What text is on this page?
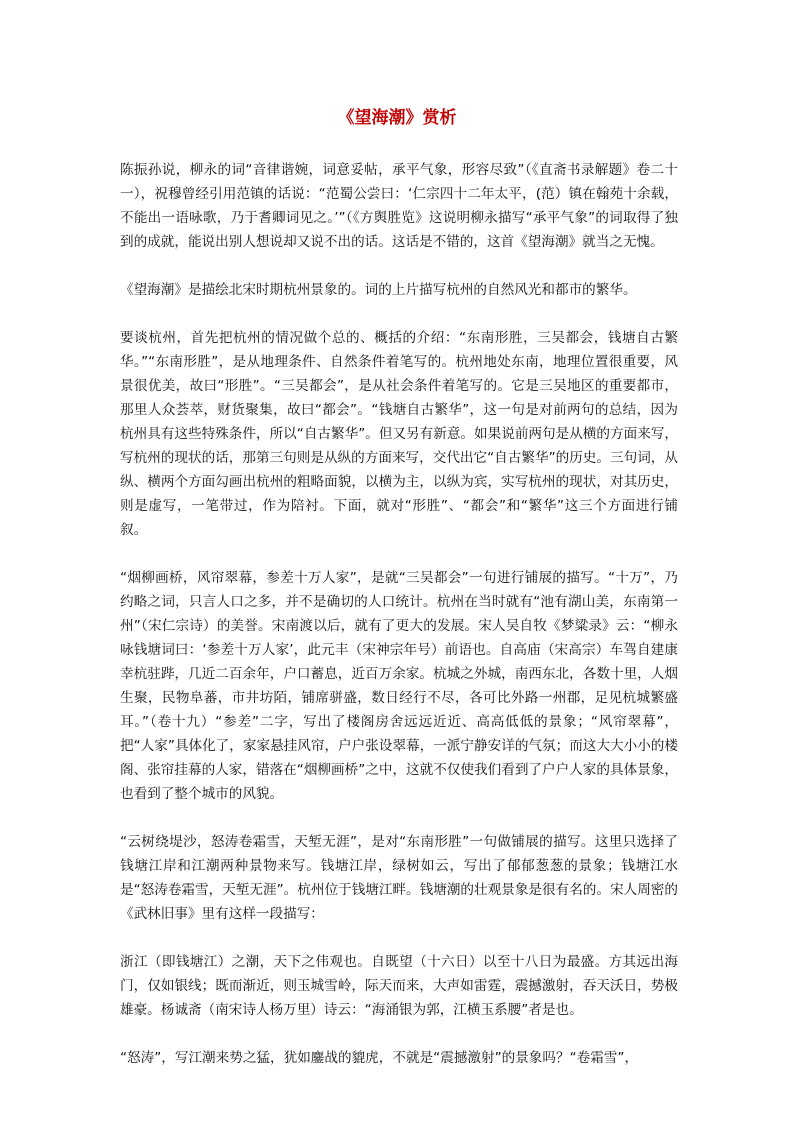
《望海潮》赏析

陈振孙说，柳永的词“音律谐婉，词意妥帖，承平气象，形容尽致”（《直斋书录解题》卷二十一），祝穆曾经引用范镇的话说：“范蜀公尝曰：‘仁宗四十二年太平，(范）镇在翰苑十余载，不能出一语咏歌，乃于耆卿词见之。’”（《方舆胜览》这说明柳永描写“承平气象”的词取得了独到的成就，能说出别人想说却又说不出的话。这话是不错的，这首《望海潮》就当之无愧。

《望海潮》是描绘北宋时期杭州景象的。词的上片描写杭州的自然风光和都市的繁华。

要谈杭州，首先把杭州的情况做个总的、概括的介绍：“东南形胜，三吴都会，钱塘自古繁华。”“东南形胜”，是从地理条件、自然条件着笔写的。杭州地处东南，地理位置很重要，风景很优美，故曰“形胜”。“三吴都会”，是从社会条件着笔写的。它是三吴地区的重要都市，那里人众荟萃，财货聚集，故曰“都会”。“钱塘自古繁华”，这一句是对前两句的总结，因为杭州具有这些特殊条件，所以“自古繁华”。但又另有新意。如果说前两句是从横的方面来写，写杭州的现状的话，那第三句则是从纵的方面来写，交代出它“自古繁华”的历史。三句词，从纵、横两个方面勾画出杭州的粗略面貌，以横为主，以纵为宾，实写杭州的现状，对其历史，则是虚写，一笔带过，作为陪衬。下面，就对“形胜”、“都会”和“繁华”这三个方面进行铺叙。

“烟柳画桥，风帘翠幕，参差十万人家”，是就“三吴都会”一句进行铺展的描写。“十万”，乃约略之词，只言人口之多，并不是确切的人口统计。杭州在当时就有“池有湖山美，东南第一州”（宋仁宗诗）的美誉。宋南渡以后，就有了更大的发展。宋人吴自牧《梦粱录》云：“柳永咏钱塘词曰：‘参差十万人家’，此元丰（宋神宗年号）前语也。自高庙（宋高宗）车驾自建康幸杭驻跸，几近二百余年，户口蓄息，近百万余家。杭城之外城，南西东北，各数十里，人烟生聚，民物阜蕃，市井坊陌，铺席骈盛，数日经行不尽，各可比外路一州郡，足见杭城繁盛耳。”（卷十九）“参差”二字，写出了楼阁房舍远远近近、高高低低的景象；“风帘翠幕”，把“人家”具体化了，家家悬挂风帘，户户张设翠幕，一派宁静安详的气氛；而这大大小小的楼阁、张帘挂幕的人家，错落在“烟柳画桥”之中，这就不仅使我们看到了户户人家的具体景象，也看到了整个城市的风貌。

“云树绕堤沙，怒涛卷霜雪，天堑无涯”，是对“东南形胜”一句做铺展的描写。这里只选择了钱塘江岸和江潮两种景物来写。钱塘江岸，绿树如云，写出了郁郁葱葱的景象；钱塘江水是“怒涛卷霜雪，天堑无涯”。杭州位于钱塘江畔。钱塘潮的壮观景象是很有名的。宋人周密的《武林旧事》里有这样一段描写：

浙江（即钱塘江）之潮，天下之伟观也。自既望（十六日）以至十八日为最盛。方其远出海门，仅如银线；既而渐近，则玉城雪岭，际天而来，大声如雷霆，震撼激射，吞天沃日，势极雄豪。杨诚斋（南宋诗人杨万里）诗云：“海涌银为郭，江横玉系腰”者是也。

“怒涛”，写江潮来势之猛，犹如鏖战的貔虎，不就是“震撼激射”的景象吗？“卷霜雪”，
